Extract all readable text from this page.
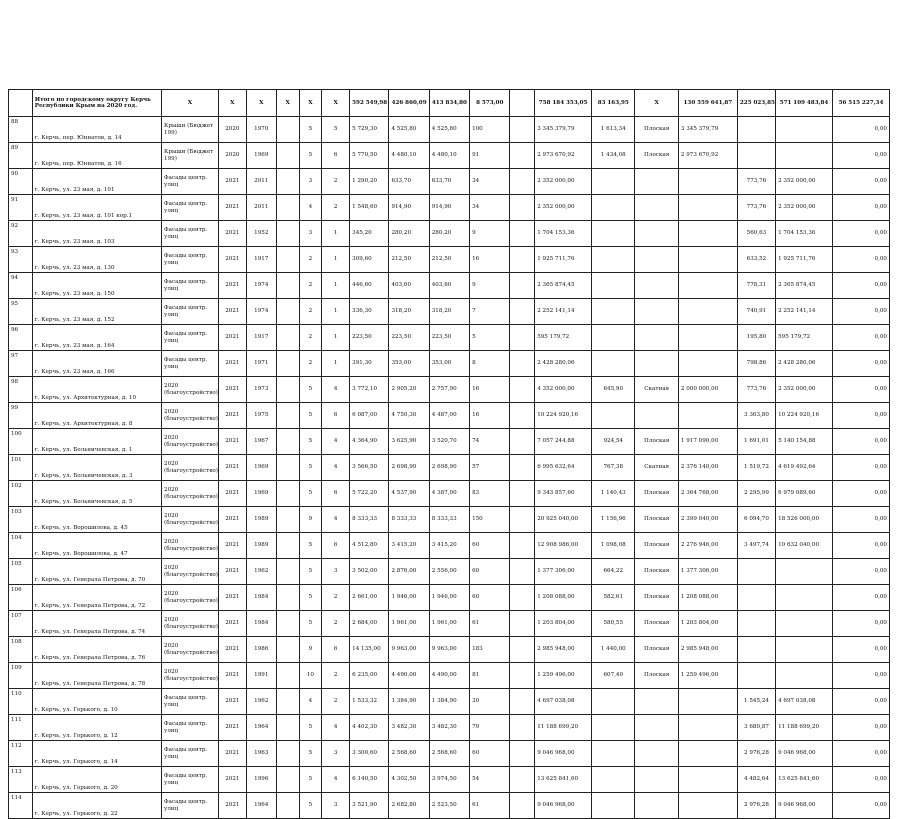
	Итого по городскому округу Керчь Республики Крым на 2020 год.	X	X	X	X	X	X	592 549,98	426 860,09	413 834,80	8 573,00		758 184 353,05	83 163,95	X	130 559 641,87	225 023,85	571 109 483,84	56 515 227,34
88	г. Керчь, пер. Юннатов, д. 14	Крыши (Бюджет 199)	2020	1970		5	5	5 729,30	4 525,80	4 525,80	100		3 345 379,79	1 613,34	Плоская	3 345 379,79			0,00
89	г. Керчь, пер. Юннатов, д. 16	Крыши (Бюджет 199)	2020	1969		5	6	5 770,50	4 480,10	4 480,10	91		2 973 670,92	1 434,08	Плоская	2 973 670,92			0,00
90	г. Керчь, ул. 23 мая, д. 101	Фасады центр. улиц	2021	2011		3	2	1 290,20	633,70	633,70	34		2 352 000,00				773,76	2 352 000,00	0,00
91	г. Керчь, ул. 23 мая, д. 101 кор.1	Фасады центр. улиц	2021	2011		4	2	1 548,60	914,90	914,90	34		2 352 000,00				773,76	2 352 000,00	0,00
92	г. Керчь, ул. 23 мая, д. 103	Фасады центр. улиц	2021	1952		3	1	345,20	280,20	280,20	9		1 704 153,36				560,63	1 704 153,36	0,00
93	г. Керчь, ул. 23 мая, д. 130	Фасады центр. улиц	2021	1917		2	1	309,60	212,50	212,50	16		1 925 711,76				633,52	1 925 711,76	0,00
94	г. Керчь, ул. 23 мая, д. 150	Фасады центр. улиц	2021	1974		2	1	446,60	403,60	403,60	9		2 365 874,45				778,31	2 365 874,45	0,00
95	г. Керчь, ул. 23 мая, д. 152	Фасады центр. улиц	2021	1974		2	1	336,30	318,20	318,20	7		2 252 141,14				740,91	2 252 141,14	0,00
96	г. Керчь, ул. 23 мая, д. 164	Фасады центр. улиц	2021	1917		2	1	223,50	223,50	223,50	5		595 179,72				195,80	595 179,72	0,00
97	г. Керчь, ул. 23 мая, д. 166	Фасады центр. улиц	2021	1971		2	1	391,30	353,00	353,00	8		2 428 280,06				798,86	2 428 280,06	0,00
98	г. Керчь, ул. Архитектурная, д. 10	2020 (благоустройство)	2021	1973		5	4	3 772,10	2 905,20	2 757,90	16		4 352 000,00	645,90	Скатная	2 000 000,00	773,76	2 352 000,00	0,00
99	г. Керчь, ул. Архитектурная, д. 8	2020 (благоустройство)	2021	1975		5	6	6 087,00	4 750,30	4 487,00	16		10 224 920,16				3 363,80	10 224 920,16	0,00
100	г. Керчь, ул. Больничевская, д. 1	2020 (благоустройство)	2021	1967		5	4	4 364,90	3 625,90	3 520,70	74		7 057 244,88	924,54	Плоская	1 917 090,00	1 691,01	5 140 154,88	0,00
101	г. Керчь, ул. Больничевская, д. 3	2020 (благоустройство)	2021	1969		5	4	3 566,50	2 698,90	2 698,90	57		6 995 632,64	767,38	Скатная	2 376 140,00	1 519,72	4 619 492,64	0,00
102	г. Керчь, ул. Больничевская, д. 5	2020 (благоустройство)	2021	1969		5	6	5 722,20	4 537,90	4 387,00	83		9 343 857,60	1 140,43	Плоская	2 364 768,00	2 295,99	6 979 089,60	0,00
103	г. Керчь, ул. Ворошилова, д. 45	2020 (благоустройство)	2021	1989		9	4	8 333,33	8 333,33	8 333,33	150		20 925 040,00	1 156,96	Плоская	2 399 040,00	6 094,70	18 526 000,00	0,00
104	г. Керчь, ул. Ворошилова, д. 47	2020 (благоустройство)	2021	1989		5	6	4 512,80	3 415,20	3 415,20	60		12 908 986,00	1 098,08	Плоская	2 276 946,00	3 497,74	10 632 040,00	0,00
105	г. Керчь, ул. Генерала Петрова, д. 70	2020 (благоустройство)	2021	1962		5	3	3 502,00	2 876,00	2 556,00	60		1 377 306,00	664,22	Плоская	1 377 306,00			0,00
106	г. Керчь, ул. Генерала Петрова, д. 72	2020 (благоустройство)	2021	1984		5	2	2 661,00	1 946,00	1 946,00	60		1 208 088,00	582,61	Плоская	1 208 088,00			0,00
107	г. Керчь, ул. Генерала Петрова, д. 74	2020 (благоустройство)	2021	1984		5	2	2 684,00	1 961,00	1 961,00	61		1 203 804,00	580,55	Плоская	1 203 804,00			0,00
108	г. Керчь, ул. Генерала Петрова, д. 76	2020 (благоустройство)	2021	1986		9	6	14 135,00	9 963,00	9 963,00	183		2 985 948,00	1 440,00	Плоская	2 985 948,00			0,00
109	г. Керчь, ул. Генерала Петрова, д. 78	2020 (благоустройство)	2021	1991		10	2	6 235,00	4 490,00	4 490,00	81		1 259 496,00	607,40	Плоская	1 259 496,00			0,00
110	г. Керчь, ул. Горького, д. 10	Фасады центр. улиц	2021	1962		4	2	1 533,32	1 384,90	1 384,90	30		4 697 038,08				1 545,24	4 697 038,08	0,00
111	г. Керчь, ул. Горького, д. 12	Фасады центр. улиц	2021	1964		5	4	4 402,30	3 482,30	3 482,30	79		11 188 699,20				3 680,87	11 188 699,20	0,00
112	г. Керчь, ул. Горького, д. 14	Фасады центр. улиц	2021	1963		5	3	3 300,60	2 568,60	2 568,60	60		9 046 968,00				2 976,28	9 046 968,00	0,00
113	г. Керчь, ул. Горького, д. 20	Фасады центр. улиц	2021	1996		5	4	6 140,50	4 302,50	3 974,50	54		13 625 841,60				4 482,64	13 625 841,60	0,00
114	г. Керчь, ул. Горького, д. 22	Фасады центр. улиц	2021	1964		5	3	3 521,90	2 682,80	2 523,50	61		9 046 968,00				2 976,28	9 046 968,00	0,00
